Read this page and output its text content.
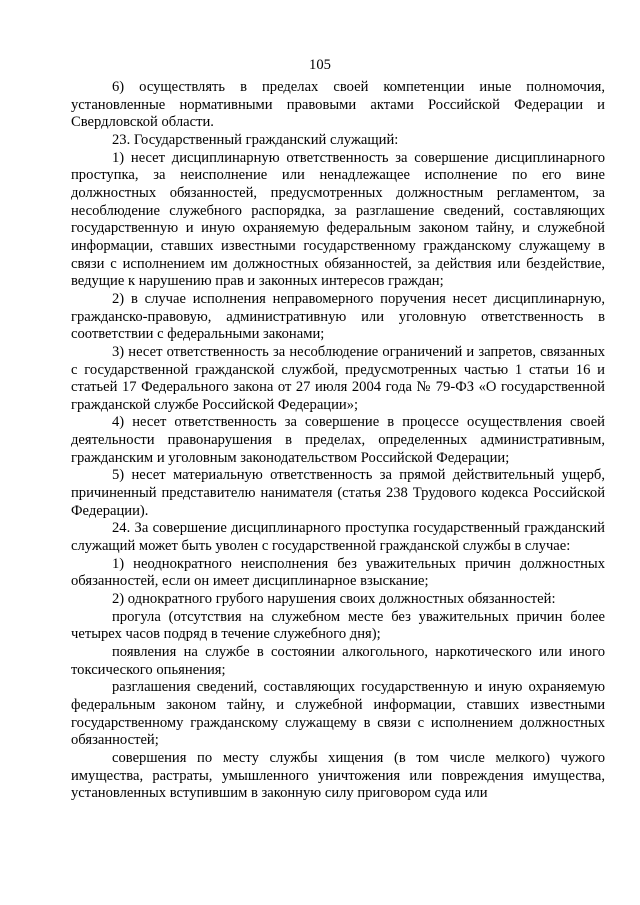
105

6) осуществлять в пределах своей компетенции иные полномочия, установленные нормативными правовыми актами Российской Федерации и Свердловской области.

23. Государственный гражданский служащий:

1) несет дисциплинарную ответственность за совершение дисциплинарного проступка, за неисполнение или ненадлежащее исполнение по его вине должностных обязанностей, предусмотренных должностным регламентом, за несоблюдение служебного распорядка, за разглашение сведений, составляющих государственную и иную охраняемую федеральным законом тайну, и служебной информации, ставших известными государственному гражданскому служащему в связи с исполнением им должностных обязанностей, за действия или бездействие, ведущие к нарушению прав и законных интересов граждан;

2) в случае исполнения неправомерного поручения несет дисциплинарную, гражданско-правовую, административную или уголовную ответственность в соответствии с федеральными законами;

3) несет ответственность за несоблюдение ограничений и запретов, связанных с государственной гражданской службой, предусмотренных частью 1 статьи 16 и статьей 17 Федерального закона от 27 июля 2004 года № 79-ФЗ «О государственной гражданской службе Российской Федерации»;

4) несет ответственность за совершение в процессе осуществления своей деятельности правонарушения в пределах, определенных административным, гражданским и уголовным законодательством Российской Федерации;

5) несет материальную ответственность за прямой действительный ущерб, причиненный представителю нанимателя (статья 238 Трудового кодекса Российской Федерации).

24. За совершение дисциплинарного проступка государственный гражданский служащий может быть уволен с государственной гражданской службы в случае:

1) неоднократного неисполнения без уважительных причин должностных обязанностей, если он имеет дисциплинарное взыскание;

2) однократного грубого нарушения своих должностных обязанностей:

прогула (отсутствия на служебном месте без уважительных причин более четырех часов подряд в течение служебного дня);

появления на службе в состоянии алкогольного, наркотического или иного токсического опьянения;

разглашения сведений, составляющих государственную и иную охраняемую федеральным законом тайну, и служебной информации, ставших известными государственному гражданскому служащему в связи с исполнением должностных обязанностей;

совершения по месту службы хищения (в том числе мелкого) чужого имущества, растраты, умышленного уничтожения или повреждения имущества, установленных вступившим в законную силу приговором суда или
